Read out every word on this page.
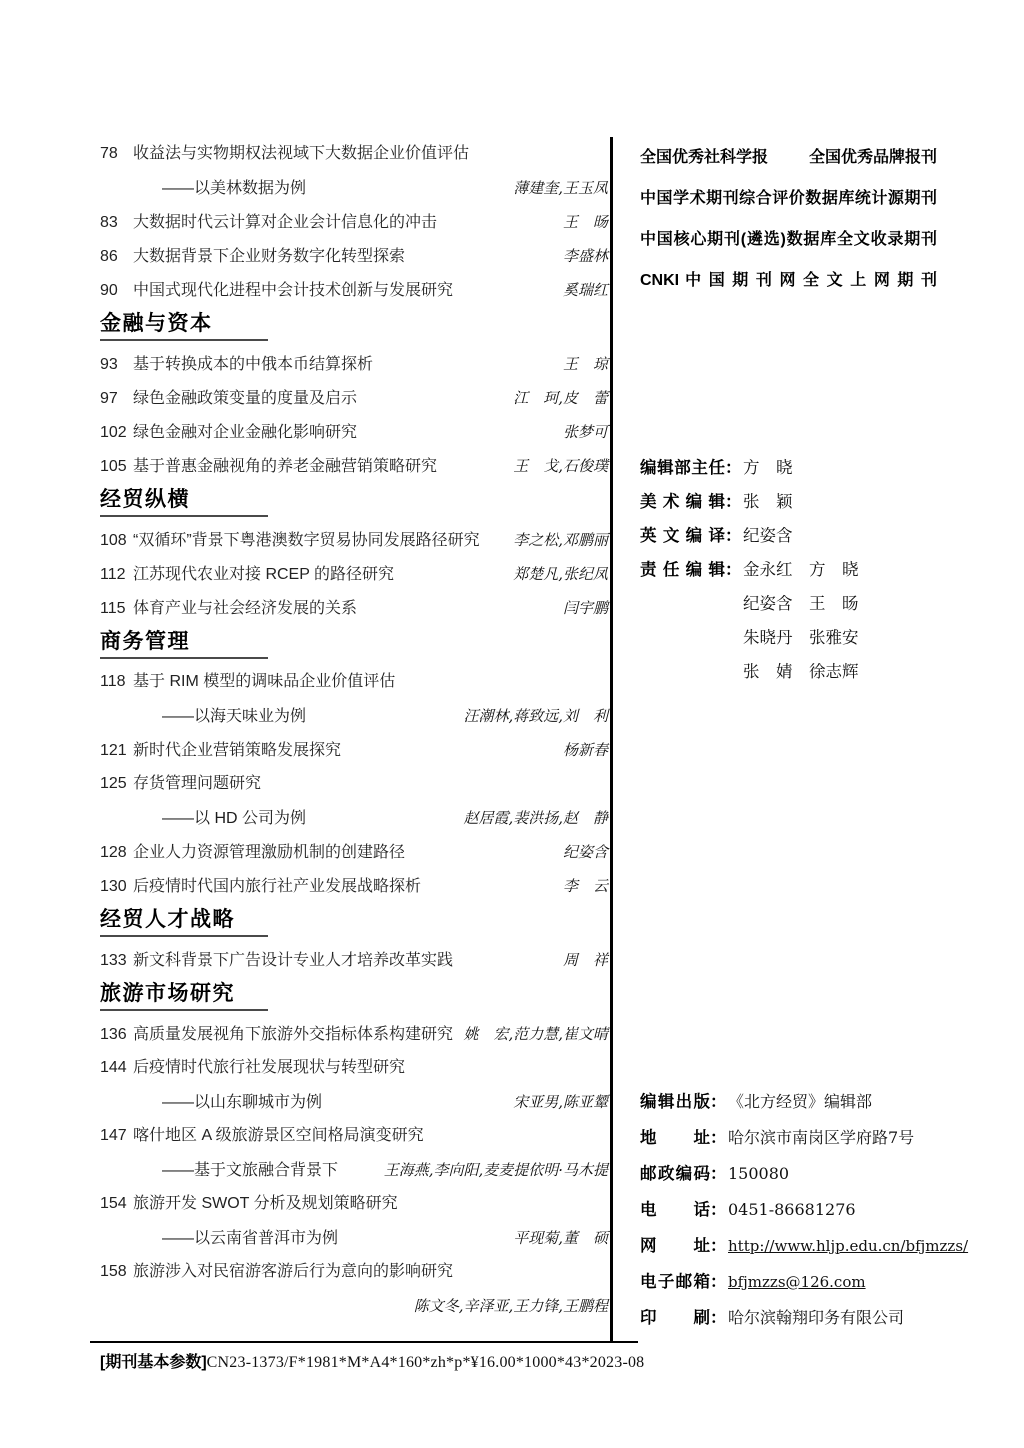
78 收益法与实物期权法视域下大数据企业价值评估
——以美林数据为例	薄建奎,王玉凤
83 大数据时代云计算对企业会计信息化的冲击	王　旸
86 大数据背景下企业财务数字化转型探索	李盛林
90 中国式现代化进程中会计技术创新与发展研究	奚瑞红
金融与资本
93 基于转换成本的中俄本币结算探析	王　琼
97 绿色金融政策变量的度量及启示	江　珂,皮　蕾
102 绿色金融对企业金融化影响研究	张梦可
105 基于普惠金融视角的养老金融营销策略研究	王　戈,石俊璞
经贸纵横
108 “双循环”背景下粤港澳数字贸易协同发展路径研究	李之松,邓鹏丽
112 江苏现代农业对接 RCEP 的路径研究	郑楚凡,张纪凤
115 体育产业与社会经济发展的关系	闫宇鹏
商务管理
118 基于 RIM 模型的调味品企业价值评估
——以海天味业为例	汪潮林,蒋致远,刘　利
121 新时代企业营销策略发展探究	杨新春
125 存货管理问题研究
——以 HD 公司为例	赵居霞,裴洪扬,赵　静
128 企业人力资源管理激励机制的创建路径	纪姿含
130 后疫情时代国内旅行社产业发展战略探析	李　云
经贸人才战略
133 新文科背景下广告设计专业人才培养改革实践	周　祥
旅游市场研究
136 高质量发展视角下旅游外交指标体系构建研究 姚　宏,范力慧,崔文晴
144 后疫情时代旅行社发展现状与转型研究
——以山东聊城市为例	宋亚男,陈亚颦
147 喀什地区 A 级旅游景区空间格局演变研究
——基于文旅融合背景下	王海燕,李向阳,麦麦提依明·马木提
154 旅游开发 SWOT 分析及规划策略研究
——以云南省普洱市为例	平现菊,董　硕
158 旅游涉入对民宿游客游后行为意向的影响研究
陈文冬,辛泽亚,王力锋,王鹏程
全国优秀社科学报	全国优秀品牌报刊
中国学术期刊综合评价数据库统计源期刊
中国核心期刊(遴选)数据库全文收录期刊
CNKI 中 国 期 刊 网 全 文 上 网 期 刊
编辑部主任 ： 方　晓
美术编辑 ： 张　颖
英文编译 ： 纪姿含
责任编辑 ： 金永红　方　晓
纪姿含　王　旸
朱晓丹　张雅安
张　婧　徐志辉
编辑出版 ： 《北方经贸》编辑部
地址 ： 哈尔滨市南岗区学府路7号
邮政编码 ： 150080
电话 ： 0451-86681276
网址 ： http://www.hljp.edu.cn/bfjmzzs/
电子邮箱 ： bfjmzzs@126.com
印刷 ： 哈尔滨翰翔印务有限公司
[期刊基本参数]CN23-1373/F*1981*M*A4*160*zh*p*¥16.00*1000*43*2023-08
